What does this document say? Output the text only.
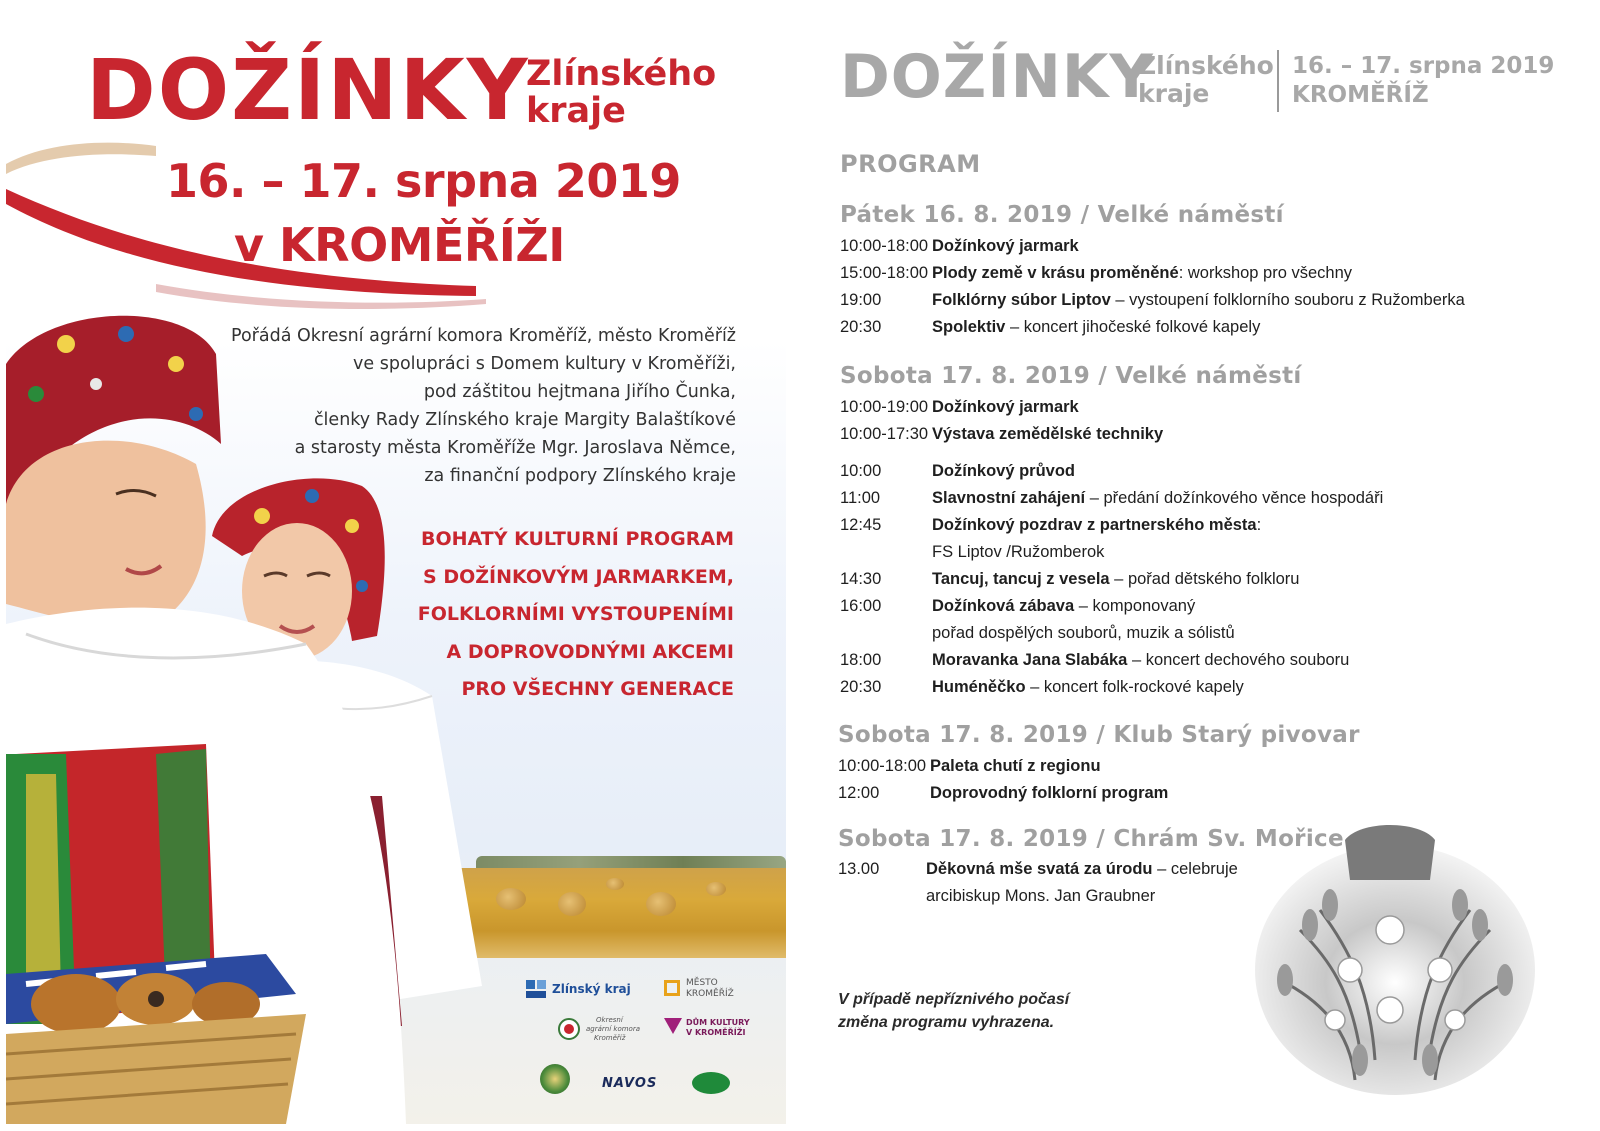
DOŽÍNKY
Zlínského
kraje
16. – 17. srpna 2019
v KROMĚŘÍŽI
Pořádá Okresní agrární komora Kroměříž, město Kroměříž
ve spolupráci s Domem kultury v Kroměříži,
pod záštitou hejtmana Jiřího Čunka,
členky Rady Zlínského kraje Margity Balaštíkové
a starosty města Kroměříže Mgr. Jaroslava Němce,
za finanční podpory Zlínského kraje
BOHATÝ KULTURNÍ PROGRAM
S DOŽÍNKOVÝM JARMARKEM,
FOLKLORNÍMI VYSTOUPENÍMI
A DOPROVODNÝMI AKCEMI
PRO VŠECHNY GENERACE
Zlínský kraj	MĚSTO
KROMĚŘÍŽ
Okresní
agrární komora
Kroměříž
DŮM KULTURY
V KROMĚŘÍŽI
NAVOS
DOŽÍNKY
Zlínského
kraje
16. – 17. srpna 2019
KROMĚŘÍŽ
PROGRAM
Pátek 16. 8. 2019 / Velké náměstí
10:00-18:00 Dožínkový jarmark
15:00-18:00 Plody země v krásu proměněné: workshop pro všechny
19:00	Folklórny súbor Liptov – vystoupení folklorního souboru z Ružomberka
20:30	Spolektiv – koncert jihočeské folkové kapely
Sobota 17. 8. 2019 / Velké náměstí
10:00-19:00 Dožínkový jarmark
10:00-17:30 Výstava zemědělské techniky
10:00	Dožínkový průvod
11:00	Slavnostní zahájení – předání dožínkového věnce hospodáři
12:45	Dožínkový pozdrav z partnerského města:
FS Liptov /Ružomberok
14:30	Tancuj, tancuj z vesela – pořad dětského folkloru
16:00	Dožínková zábava – komponovaný
pořad dospělých souborů, muzik a sólistů
18:00	Moravanka Jana Slabáka – koncert dechového souboru
20:30	Huméněčko – koncert folk-rockové kapely
Sobota 17. 8. 2019 / Klub Starý pivovar
10:00-18:00 Paleta chutí z regionu
12:00	Doprovodný folklorní program
Sobota 17. 8. 2019 / Chrám Sv. Mořice
13.00	Děkovná mše svatá za úrodu – celebruje
arcibiskup Mons. Jan Graubner
V případě nepříznivého počasí
změna programu vyhrazena.
